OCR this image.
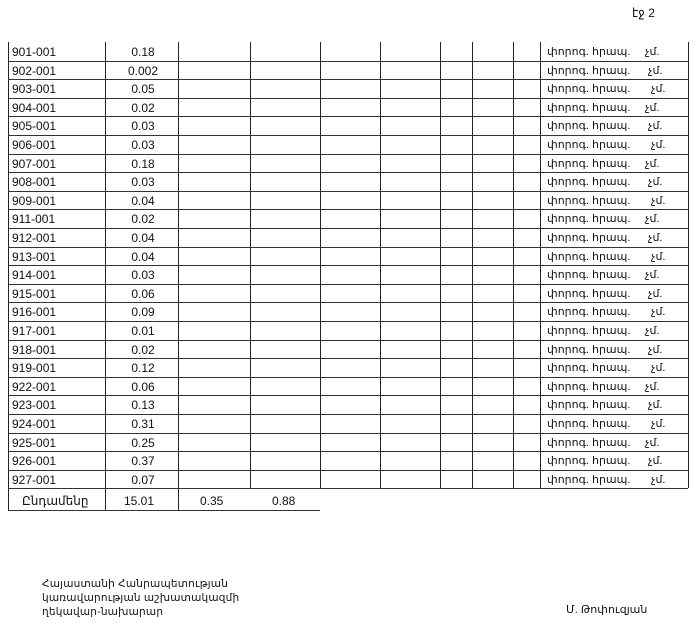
էջ 2
901-001	0.18	փորոգ. հրապ. չմ.
902-001	0.002	փորոգ. հրապ. չմ.
903-001	0.05	փորոգ. հրապ. չմ.
904-001	0.02	փորոգ. հրապ. չմ.
905-001	0.03	փորոգ. հրապ. չմ.
906-001	0.03	փորոգ. հրապ. չմ.
907-001	0.18	փորոգ. հրապ. չմ.
908-001	0.03	փորոգ. հրապ. չմ.
909-001	0.04	փորոգ. հրապ. չմ.
911-001	0.02	փորոգ. հրապ. չմ.
912-001	0.04	փորոգ. հրապ. չմ.
913-001	0.04	փորոգ. հրապ. չմ.
914-001	0.03	փորոգ. հրապ. չմ.
915-001	0.06	փորոգ. հրապ. չմ.
916-001	0.09	փորոգ. հրապ. չմ.
917-001	0.01	փորոգ. հրապ. չմ.
918-001	0.02	փորոգ. հրապ. չմ.
919-001	0.12	փորոգ. հրապ. չմ.
922-001	0.06	փորոգ. հրապ. չմ.
923-001	0.13	փորոգ. հրապ. չմ.
924-001	0.31	փորոգ. հրապ. չմ.
925-001	0.25	փորոգ. հրապ. չմ.
926-001	0.37	փորոգ. հրապ. չմ.
927-001	0.07	փորոգ. հրապ. չմ.
Ընդամենը	15.01	0.35	0.88
Հայաստանի Հանրապետության
կառավարության աշխատակազմի
ղեկավար-նախարար	Մ. Թոփուզյան
